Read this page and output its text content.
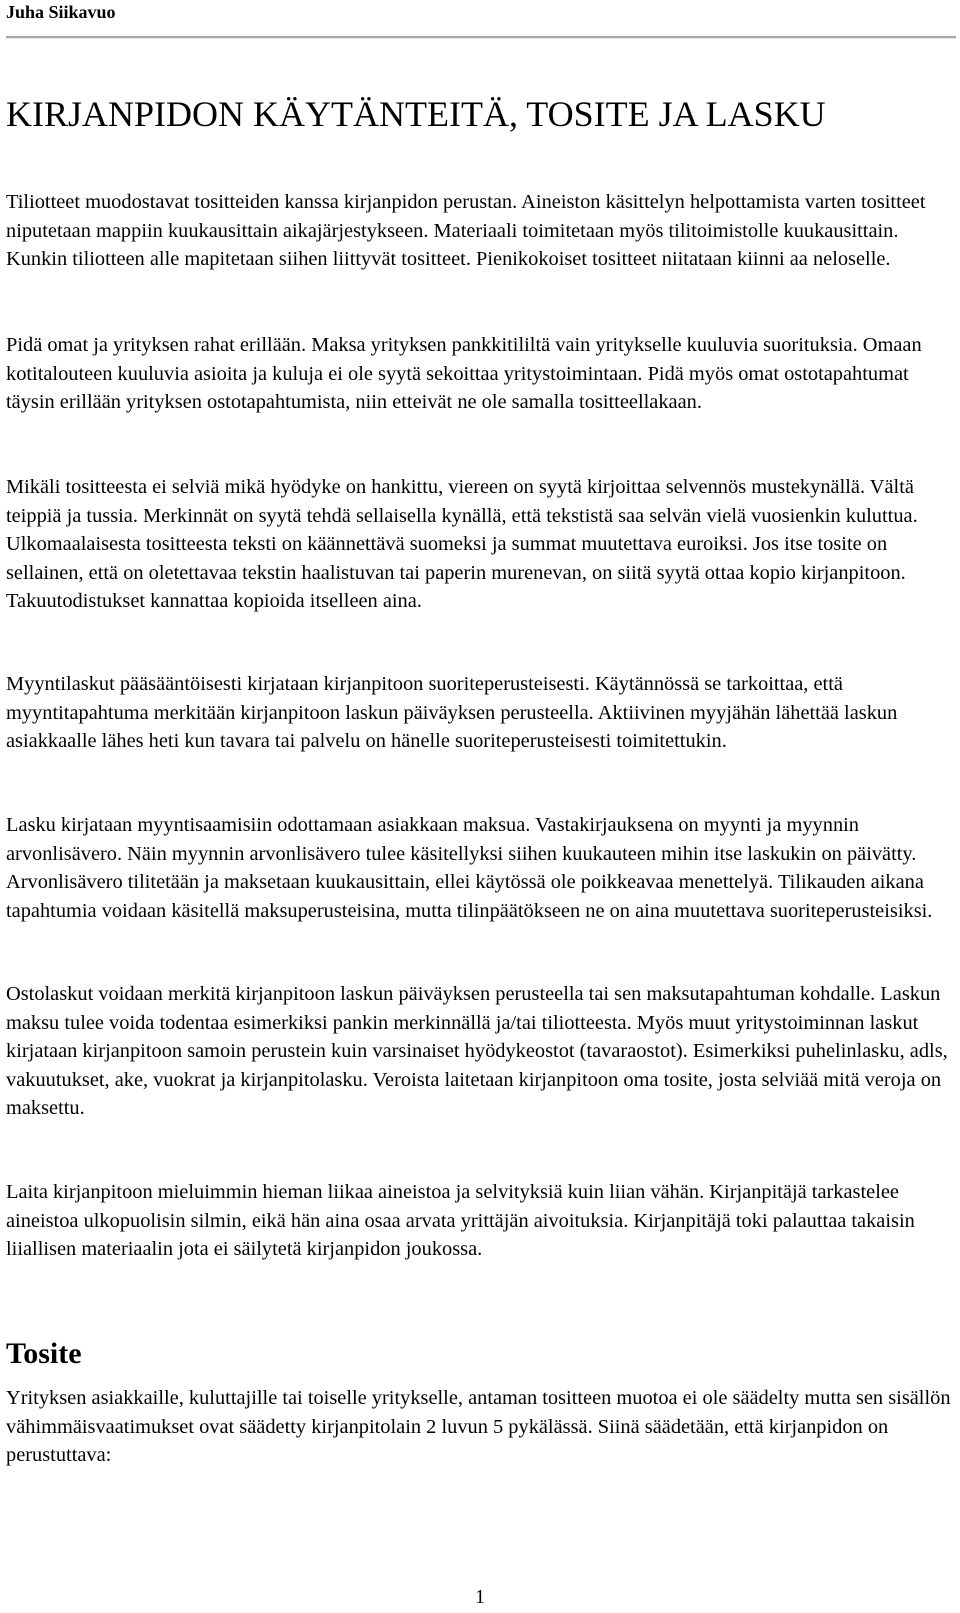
Juha Siikavuo
KIRJANPIDON KÄYTÄNTEITÄ, TOSITE JA LASKU

Tiliotteet muodostavat tositteiden kanssa kirjanpidon perustan. Aineiston käsittelyn helpottamista varten tositteet niputetaan mappiin kuukausittain aikajärjestykseen. Materiaali toimitetaan myös tilitoimistolle kuukausittain. Kunkin tiliotteen alle mapitetaan siihen liittyvät tositteet. Pienikokoiset tositteet niitataan kiinni aa neloselle.

Pidä omat ja yrityksen rahat erillään. Maksa yrityksen pankkitililtä vain yritykselle kuuluvia suorituksia. Omaan kotitalouteen kuuluvia asioita ja kuluja ei ole syytä sekoittaa yritystoimintaan. Pidä myös omat ostotapahtumat täysin erillään yrityksen ostotapahtumista, niin etteivät ne ole samalla tositteellakaan.

Mikäli tositteesta ei selviä mikä hyödyke on hankittu, viereen on syytä kirjoittaa selvennös mustekynällä. Vältä teippiä ja tussia. Merkinnät on syytä tehdä sellaisella kynällä, että tekstistä saa selvän vielä vuosienkin kuluttua. Ulkomaalaisesta tositteesta teksti on käännettävä suomeksi ja summat muutettava euroiksi. Jos itse tosite on sellainen, että on oletettavaa tekstin haalistuvan tai paperin murenevan, on siitä syytä ottaa kopio kirjanpitoon. Takuutodistukset kannattaa kopioida itselleen aina.

Myyntilaskut pääsääntöisesti kirjataan kirjanpitoon suoriteperusteisesti. Käytännössä se tarkoittaa, että myyntitapahtuma merkitään kirjanpitoon laskun päiväyksen perusteella. Aktiivinen myyjähän lähettää laskun asiakkaalle lähes heti kun tavara tai palvelu on hänelle suoriteperusteisesti toimitettukin.

Lasku kirjataan myyntisaamisiin odottamaan asiakkaan maksua. Vastakirjauksena on myynti ja myynnin arvonlisävero. Näin myynnin arvonlisävero tulee käsitellyksi siihen kuukauteen mihin itse laskukin on päivätty. Arvonlisävero tilitetään ja maksetaan kuukausittain, ellei käytössä ole poikkeavaa menettelyä. Tilikauden aikana tapahtumia voidaan käsitellä maksuperusteisina, mutta tilinpäätökseen ne on aina muutettava suoriteperusteisiksi.

Ostolaskut voidaan merkitä kirjanpitoon laskun päiväyksen perusteella tai sen maksutapahtuman kohdalle. Laskun maksu tulee voida todentaa esimerkiksi pankin merkinnällä ja/tai tiliotteesta. Myös muut yritystoiminnan laskut kirjataan kirjanpitoon samoin perustein kuin varsinaiset hyödykeostot (tavaraostot). Esimerkiksi puhelinlasku, adls, vakuutukset, ake, vuokrat ja kirjanpitolasku. Veroista laitetaan kirjanpitoon oma tosite, josta selviää mitä veroja on maksettu.

Laita kirjanpitoon mieluimmin hieman liikaa aineistoa ja selvityksiä kuin liian vähän. Kirjanpitäjä tarkastelee aineistoa ulkopuolisin silmin, eikä hän aina osaa arvata yrittäjän aivoituksia. Kirjanpitäjä toki palauttaa takaisin liiallisen materiaalin jota ei säilytetä kirjanpidon joukossa.

Tosite

Yrityksen asiakkaille, kuluttajille tai toiselle yritykselle, antaman tositteen muotoa ei ole säädelty mutta sen sisällön vähimmäisvaatimukset ovat säädetty kirjanpitolain 2 luvun 5 pykälässä. Siinä säädetään, että kirjanpidon on perustuttava:

1
